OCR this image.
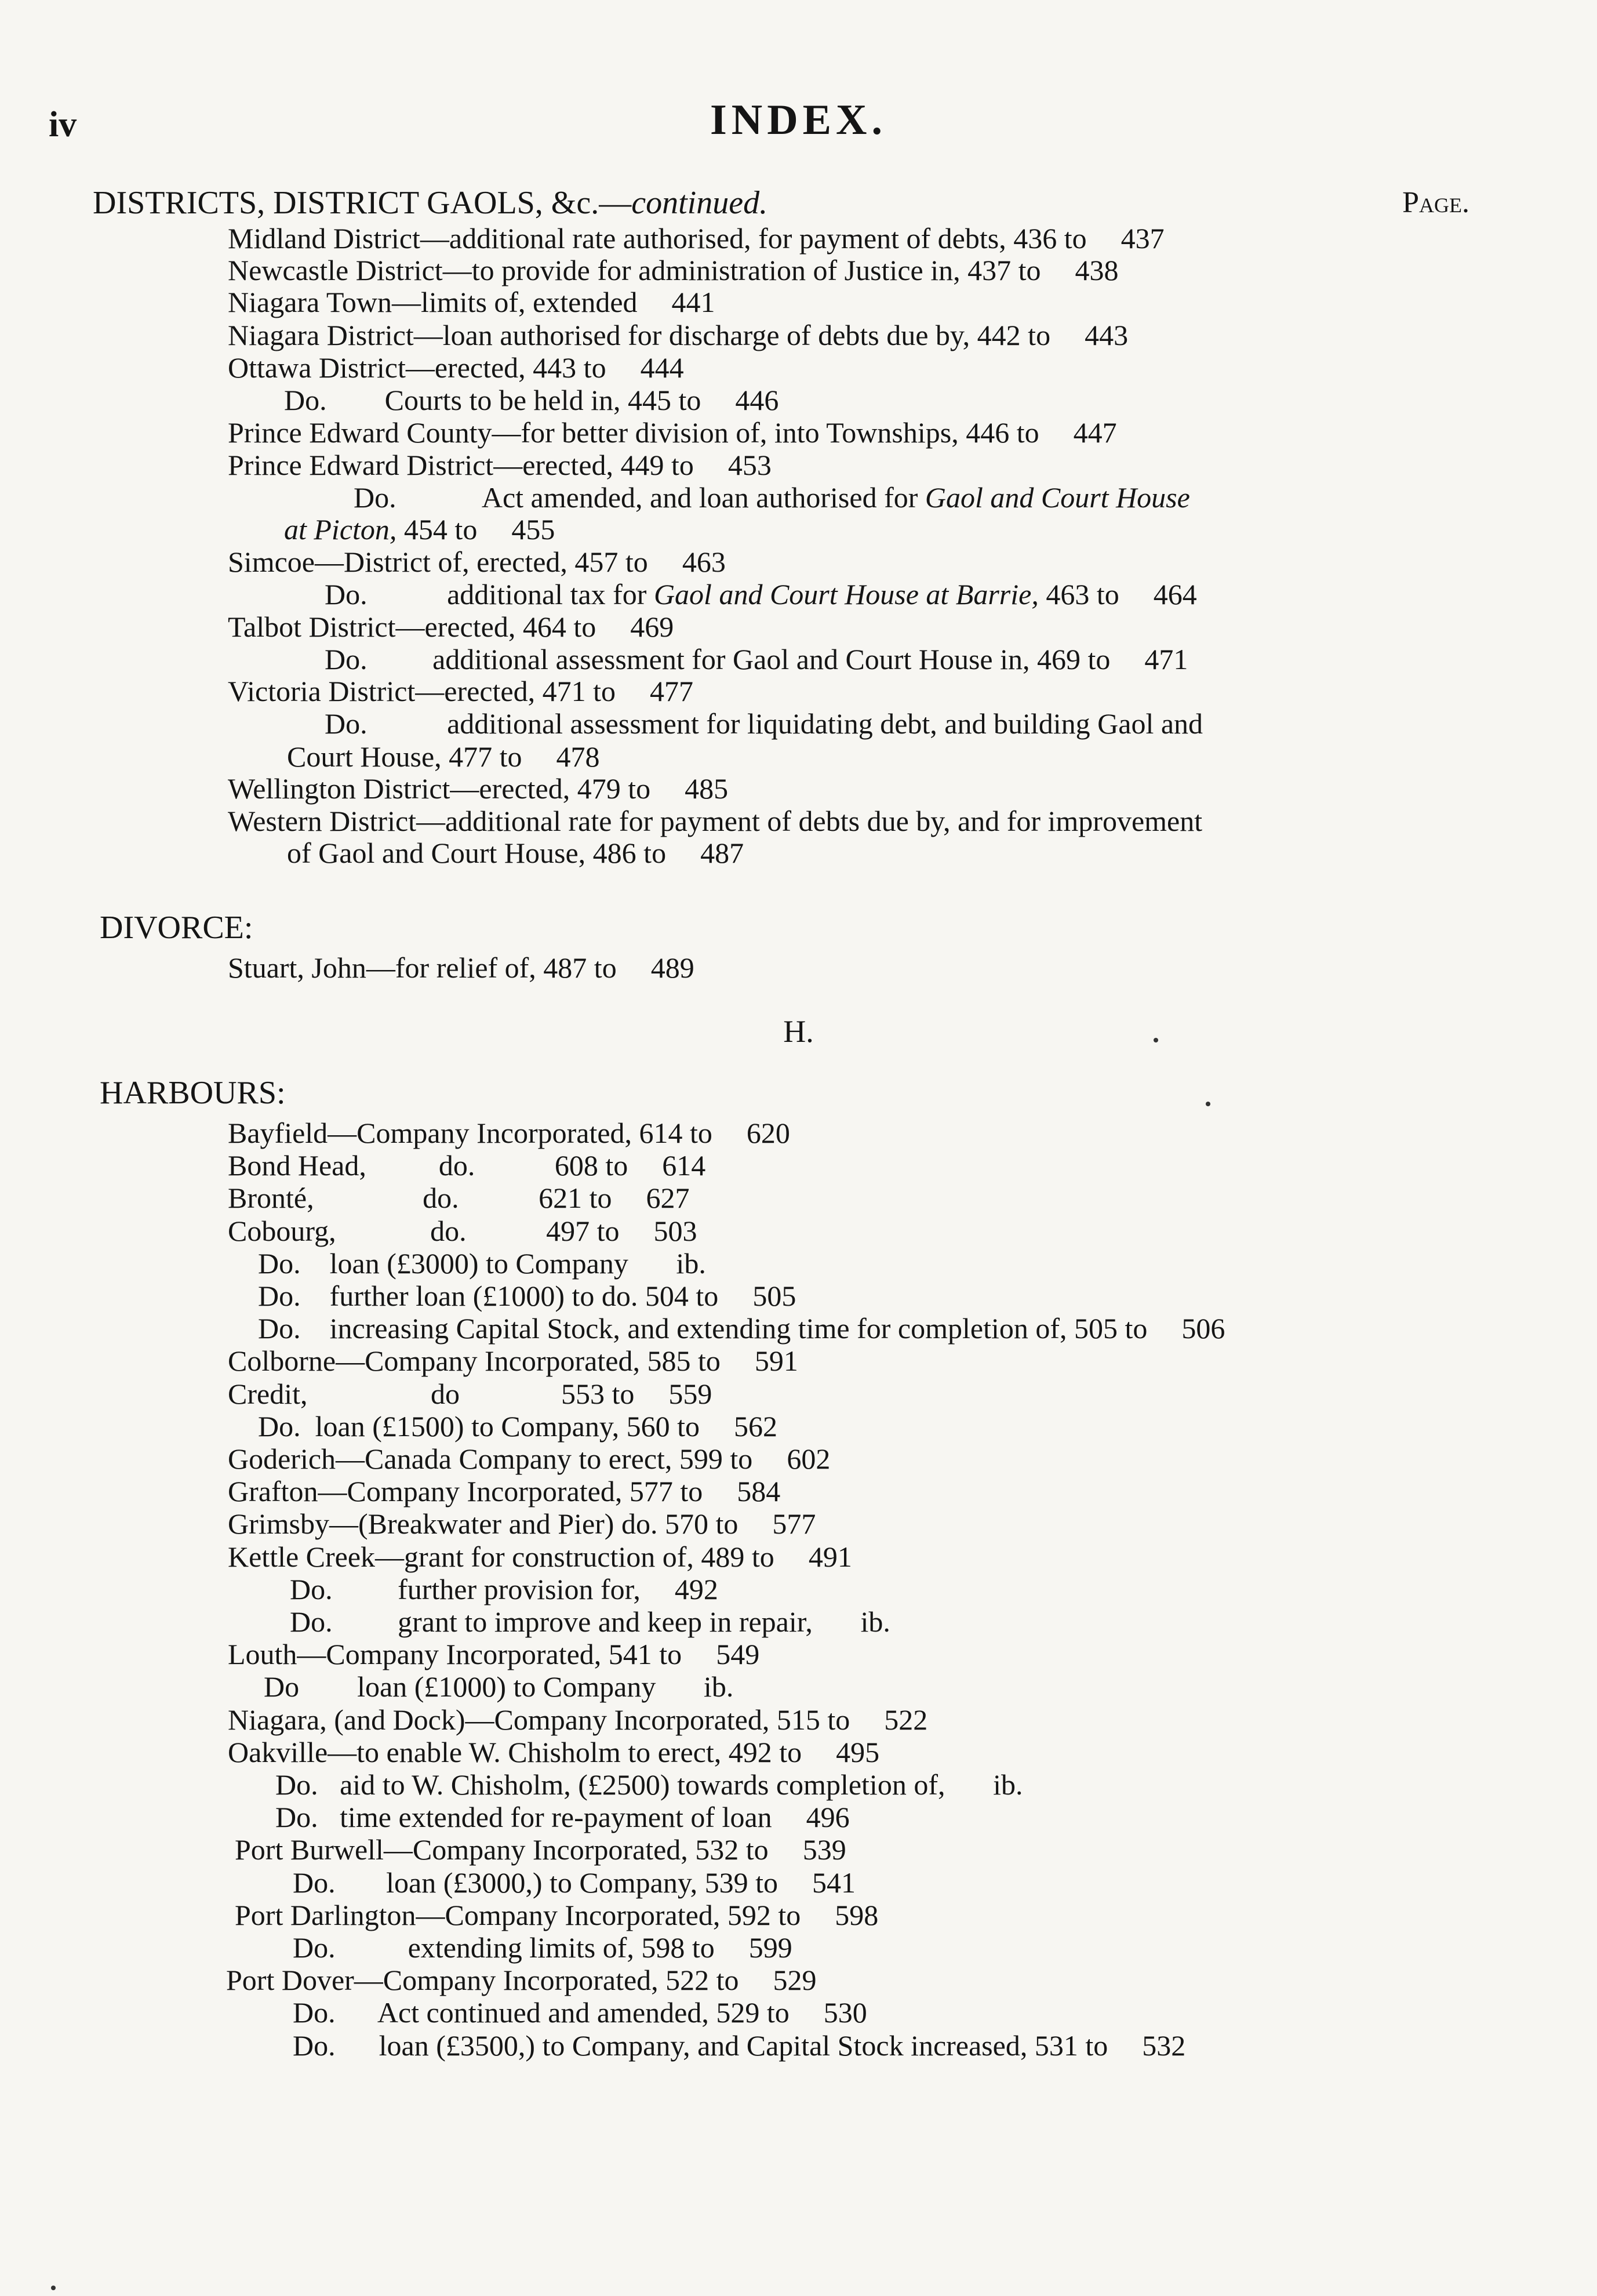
iv	INDEX.
DISTRICTS, DISTRICT GAOLS, &c.—continued.	Page.
Midland District—additional rate authorised, for payment of debts, 436 to	437
Newcastle District—to provide for administration of Justice in, 437 to	438
Niagara Town—limits of, extended	441
Niagara District—loan authorised for discharge of debts due by, 442 to	443
Ottawa District—erected, 443 to	444
Do.        Courts to be held in, 445 to	446
Prince Edward County—for better division of, into Townships, 446 to	447
Prince Edward District—erected, 449 to	453
Do.            Act amended, and loan authorised for Gaol and Court House
at Picton, 454 to	455
Simcoe—District of, erected, 457 to	463
Do.           additional tax for Gaol and Court House at Barrie, 463 to	464
Talbot District—erected, 464 to	469
Do.         additional assessment for Gaol and Court House in, 469 to	471
Victoria District—erected, 471 to	477
Do.           additional assessment for liquidating debt, and building Gaol and
Court House, 477 to	478
Wellington District—erected, 479 to	485
Western District—additional rate for payment of debts due by, and for improvement
of Gaol and Court House, 486 to	487
DIVORCE:
Stuart, John—for relief of, 487 to	489
H.
HARBOURS:
Bayfield—Company Incorporated, 614 to	620
Bond Head,          do.           608 to	614
Bronté,               do.           621 to	627
Cobourg,             do.           497 to	503
Do.    loan (£3000) to Company	ib.
Do.    further loan (£1000) to do. 504 to	505
Do.    increasing Capital Stock, and extending time for completion of, 505 to	506
Colborne—Company Incorporated, 585 to	591
Credit,                 do              553 to	559
Do.  loan (£1500) to Company, 560 to	562
Goderich—Canada Company to erect, 599 to	602
Grafton—Company Incorporated, 577 to	584
Grimsby—(Breakwater and Pier) do. 570 to	577
Kettle Creek—grant for construction of, 489 to	491
Do.         further provision for,	492
Do.         grant to improve and keep in repair,	ib.
Louth—Company Incorporated, 541 to	549
Do        loan (£1000) to Company	ib.
Niagara, (and Dock)—Company Incorporated, 515 to	522
Oakville—to enable W. Chisholm to erect, 492 to	495
Do.   aid to W. Chisholm, (£2500) towards completion of,	ib.
Do.   time extended for re-payment of loan	496
Port Burwell—Company Incorporated, 532 to	539
Do.       loan (£3000,) to Company, 539 to	541
Port Darlington—Company Incorporated, 592 to	598
Do.          extending limits of, 598 to	599
Port Dover—Company Incorporated, 522 to	529
Do.      Act continued and amended, 529 to	530
Do.      loan (£3500,) to Company, and Capital Stock increased, 531 to	532
